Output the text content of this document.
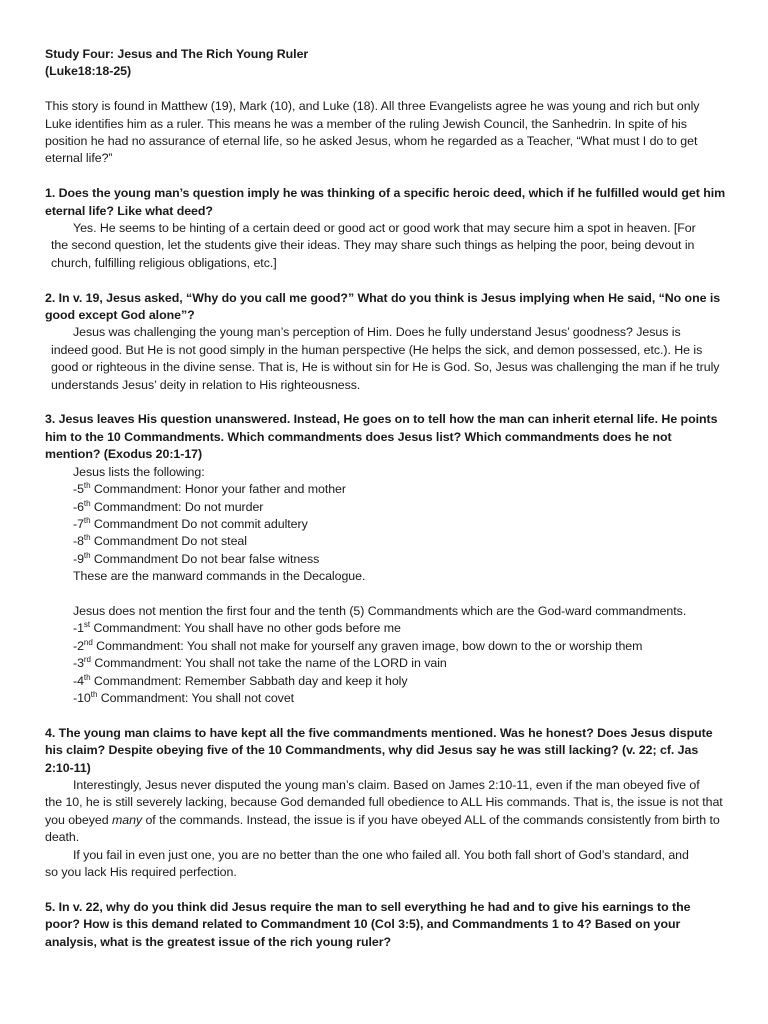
Study Four: Jesus and The Rich Young Ruler
(Luke18:18-25)

This story is found in Matthew (19), Mark (10), and Luke (18). All three Evangelists agree he was young and rich but only Luke identifies him as a ruler. This means he was a member of the ruling Jewish Council, the Sanhedrin. In spite of his position he had no assurance of eternal life, so he asked Jesus, whom he regarded as a Teacher, “What must I do to get eternal life?”

1. Does the young man’s question imply he was thinking of a specific heroic deed, which if he fulfilled would get him eternal life? Like what deed?

Yes. He seems to be hinting of a certain deed or good act or good work that may secure him a spot in heaven. [For
the second question, let the students give their ideas. They may share such things as helping the poor, being devout in church, fulfilling religious obligations, etc.]

2. In v. 19, Jesus asked, “Why do you call me good?” What do you think is Jesus implying when He said, “No one is good except God alone”?

Jesus was challenging the young man’s perception of Him. Does he fully understand Jesus’ goodness? Jesus is
indeed good. But He is not good simply in the human perspective (He helps the sick, and demon possessed, etc.). He is good or righteous in the divine sense. That is, He is without sin for He is God. So, Jesus was challenging the man if he truly understands Jesus’ deity in relation to His righteousness.

3. Jesus leaves His question unanswered. Instead, He goes on to tell how the man can inherit eternal life. He points him to the 10 Commandments. Which commandments does Jesus list? Which commandments does he not mention? (Exodus 20:1-17)

Jesus lists the following:
-5th Commandment: Honor your father and mother
-6th Commandment: Do not murder
-7th Commandment Do not commit adultery
-8th Commandment Do not steal
-9th Commandment Do not bear false witness
These are the manward commands in the Decalogue.
Jesus does not mention the first four and the tenth (5) Commandments which are the God-ward commandments.
-1st Commandment: You shall have no other gods before me
-2nd Commandment: You shall not make for yourself any graven image, bow down to the or worship them
-3rd Commandment: You shall not take the name of the LORD in vain
-4th Commandment: Remember Sabbath day and keep it holy
-10th Commandment: You shall not covet

4. The young man claims to have kept all the five commandments mentioned. Was he honest? Does Jesus dispute his claim? Despite obeying five of the 10 Commandments, why did Jesus say he was still lacking? (v. 22; cf. Jas 2:10-11)

Interestingly, Jesus never disputed the young man’s claim. Based on James 2:10-11, even if the man obeyed five of
the 10, he is still severely lacking, because God demanded full obedience to ALL His commands. That is, the issue is not that you obeyed many of the commands. Instead, the issue is if you have obeyed ALL of the commands consistently from birth to death.
If you fail in even just one, you are no better than the one who failed all. You both fall short of God’s standard, and
so you lack His required perfection.

5. In v. 22, why do you think did Jesus require the man to sell everything he had and to give his earnings to the poor? How is this demand related to Commandment 10 (Col 3:5), and Commandments 1 to 4? Based on your analysis, what is the greatest issue of the rich young ruler?
